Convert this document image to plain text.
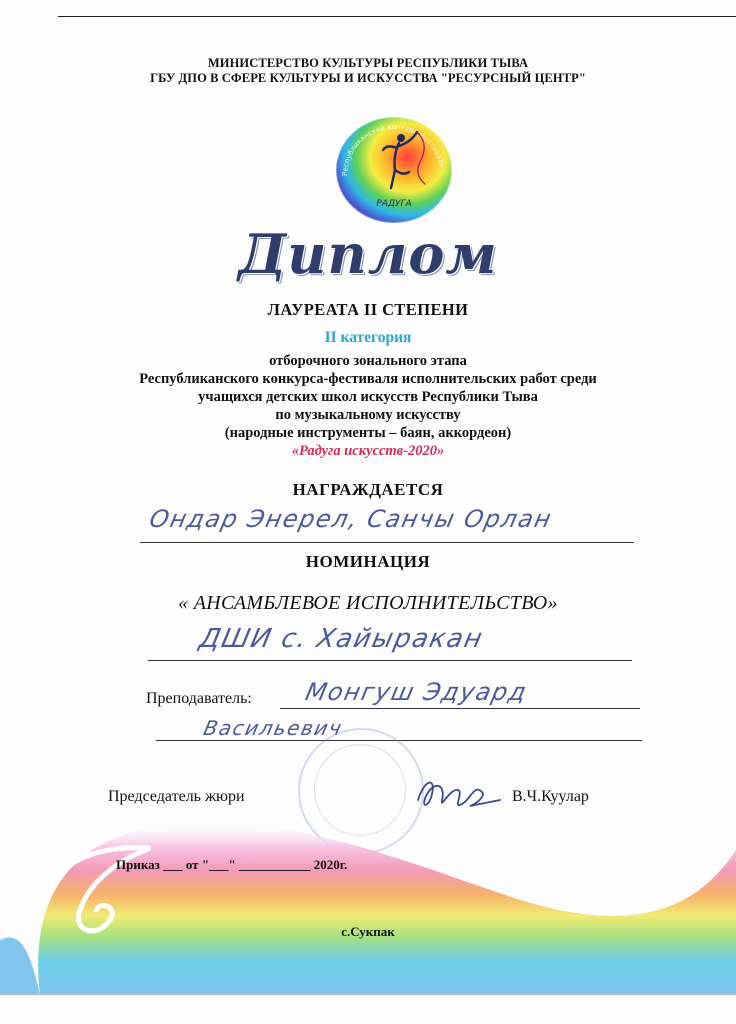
МИНИСТЕРСТВО КУЛЬТУРЫ РЕСПУБЛИКИ ТЫВА
ГБУ ДПО В СФЕРЕ КУЛЬТУРЫ И ИСКУССТВА "РЕСУРСНЫЙ ЦЕНТР"
Республиканский конкурс-фестиваль
РАДУГА
Диплом
ЛАУРЕАТА II СТЕПЕНИ
II категория
отборочного зонального этапа
Республиканского конкурса-фестиваля исполнительских работ среди
учащихся детских школ искусств Республики Тыва
по музыкальному искусству
(народные инструменты – баян, аккордеон)
«Радуга искусств-2020»
НАГРАЖДАЕТСЯ
Ондар Энерел, Санчы Орлан
НОМИНАЦИЯ
« АНСАМБЛЕВОЕ ИСПОЛНИТЕЛЬСТВО»
ДШИ с. Хайыракан
Преподаватель: Монгуш Эдуард
Васильевич
Председатель жюри	В.Ч.Куулар
Приказ ___ от "___" ___________ 2020г.
с.Сукпак
